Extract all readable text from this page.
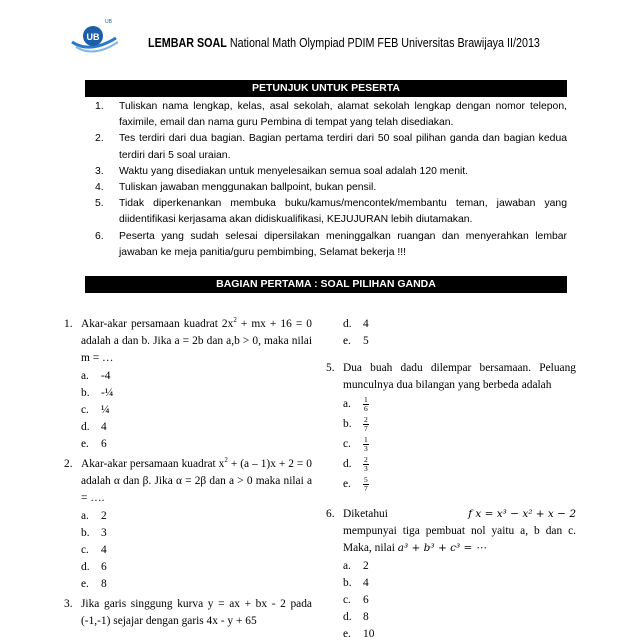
UB
UB
LEMBAR SOAL National Math Olympiad PDIM FEB Universitas Brawijaya II/2013
PETUNJUK UNTUK PESERTA
1. Tuliskan nama lengkap, kelas, asal sekolah, alamat sekolah lengkap dengan nomor telepon, faximile, email dan nama guru Pembina di tempat yang telah disediakan.
2. Tes terdiri dari dua bagian. Bagian pertama terdiri dari 50 soal pilihan ganda dan bagian kedua terdiri dari 5 soal uraian.
3. Waktu yang disediakan untuk menyelesaikan semua soal adalah 120 menit.
4. Tuliskan jawaban menggunakan ballpoint, bukan pensil.
5. Tidak diperkenankan membuka buku/kamus/mencontek/membantu teman, jawaban yang diidentifikasi kerjasama akan didiskualifikasi, KEJUJURAN lebih diutamakan.
6. Peserta yang sudah selesai dipersilakan meninggalkan ruangan dan menyerahkan lembar jawaban ke meja panitia/guru pembimbing, Selamat bekerja !!!
BAGIAN PERTAMA : SOAL PILIHAN GANDA
1. Akar-akar persamaan kuadrat $2x^2$ + mx + 16 = 0 adalah a dan b. Jika a = 2b dan a,b > 0, maka nilai m = …
a.	-4
b.	-¼
c.	¼
d.	4
e.	6
2. Akar-akar persamaan kuadrat $x^2 + (a - 1)x + 2 = 0$ adalah α dan β. Jika α = 2β dan a > 0 maka nilai a = ….
a.	2
b.	3
c.	4
d.	6
e.	8
3. Jika garis singgung kurva y = ax + bx - 2 pada (-1,-1) sejajar dengan garis 4x - y + 65
d.	4
e.	5
5. Dua buah dadu dilempar bersamaan. Peluang munculnya dua bilangan yang berbeda adalah
a.	$\frac{1}{6}$
b.	$\frac{2}{7}$
c.	$\frac{1}{3}$
d.	$\frac{2}{3}$
e.	$\frac{5}{7}$
6. Diketahui	f x = x³ − x² + x − 2
mempunyai tiga pembuat nol yaitu a, b dan c. Maka, nilai a³ + b³ + c³ = ⋯
a.	2
b.	4
c.	6
d.	8
e.	10
